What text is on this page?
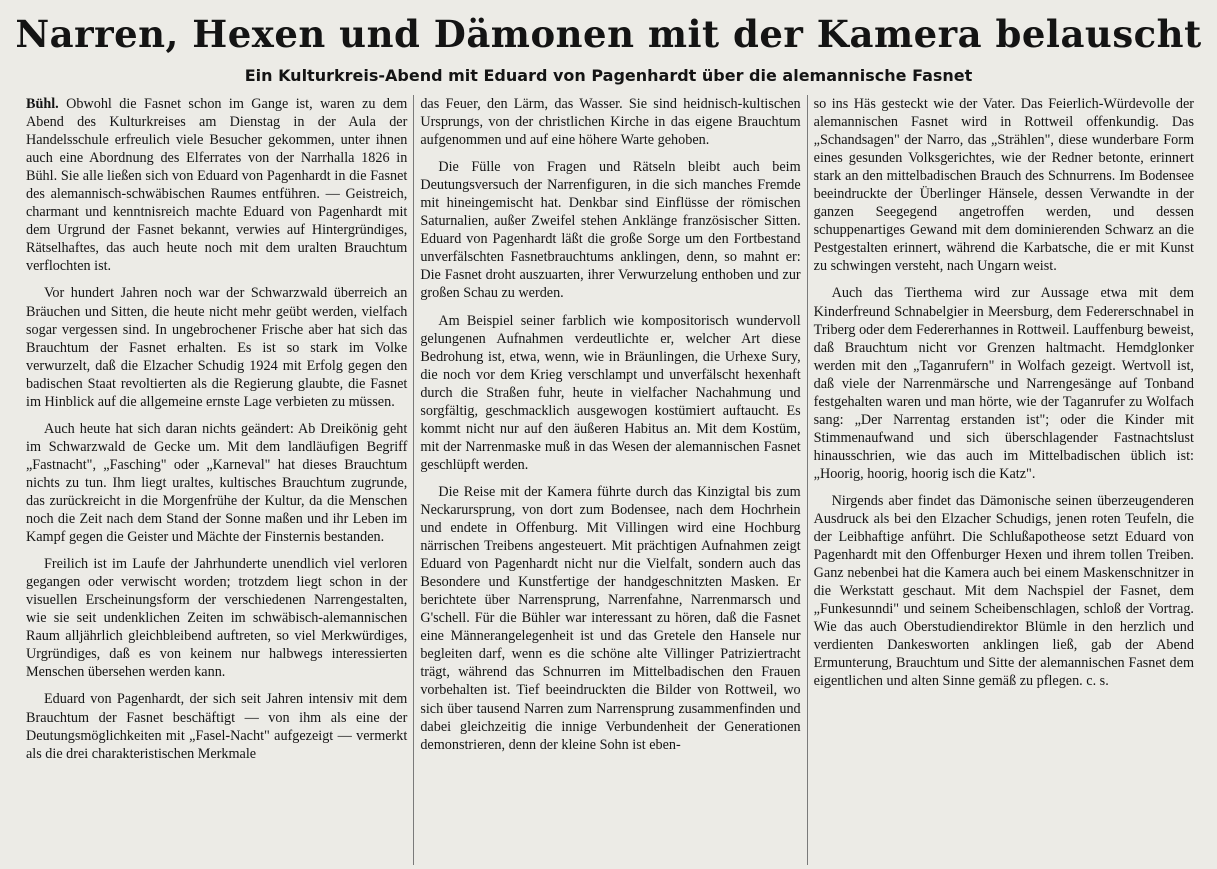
Narren, Hexen und Dämonen mit der Kamera belauscht
Ein Kulturkreis-Abend mit Eduard von Pagenhardt über die alemannische Fasnet

Bühl. Obwohl die Fasnet schon im Gange ist, waren zu dem Abend des Kulturkreises am Dienstag in der Aula der Handelsschule erfreulich viele Besucher gekommen, unter ihnen auch eine Abordnung des Elferrates von der Narrhalla 1826 in Bühl. Sie alle ließen sich von Eduard von Pagenhardt in die Fasnet des alemannisch-schwäbischen Raumes entführen. — Geistreich, charmant und kenntnisreich machte Eduard von Pagenhardt mit dem Urgrund der Fasnet bekannt, verwies auf Hintergründiges, Rätselhaftes, das auch heute noch mit dem uralten Brauchtum verflochten ist.

Vor hundert Jahren noch war der Schwarzwald überreich an Bräuchen und Sitten, die heute nicht mehr geübt werden, vielfach sogar vergessen sind. In ungebrochener Frische aber hat sich das Brauchtum der Fasnet erhalten. Es ist so stark im Volke verwurzelt, daß die Elzacher Schudig 1924 mit Erfolg gegen den badischen Staat revoltierten als die Regierung glaubte, die Fasnet im Hinblick auf die allgemeine ernste Lage verbieten zu müssen.

Auch heute hat sich daran nichts geändert: Ab Dreikönig geht im Schwarzwald de Gecke um. Mit dem landläufigen Begriff „Fastnacht", „Fasching" oder „Karneval" hat dieses Brauchtum nichts zu tun. Ihm liegt uraltes, kultisches Brauchtum zugrunde, das zurückreicht in die Morgenfrühe der Kultur, da die Menschen noch die Zeit nach dem Stand der Sonne maßen und ihr Leben im Kampf gegen die Geister und Mächte der Finsternis bestanden.

Freilich ist im Laufe der Jahrhunderte unendlich viel verloren gegangen oder verwischt worden; trotzdem liegt schon in der visuellen Erscheinungsform der verschiedenen Narrengestalten, wie sie seit undenklichen Zeiten im schwäbisch-alemannischen Raum alljährlich gleichbleibend auftreten, so viel Merkwürdiges, Urgründiges, daß es von keinem nur halbwegs interessierten Menschen übersehen werden kann.

Eduard von Pagenhardt, der sich seit Jahren intensiv mit dem Brauchtum der Fasnet beschäftigt — von ihm als eine der Deutungsmöglichkeiten mit „Fasel-Nacht" aufgezeigt — vermerkt als die drei charakteristischen Merkmale

das Feuer, den Lärm, das Wasser. Sie sind heidnisch-kultischen Ursprungs, von der christlichen Kirche in das eigene Brauchtum aufgenommen und auf eine höhere Warte gehoben.

Die Fülle von Fragen und Rätseln bleibt auch beim Deutungsversuch der Narrenfiguren, in die sich manches Fremde mit hineingemischt hat. Denkbar sind Einflüsse der römischen Saturnalien, außer Zweifel stehen Anklänge französischer Sitten. Eduard von Pagenhardt läßt die große Sorge um den Fortbestand unverfälschten Fasnetbrauchtums anklingen, denn, so mahnt er: Die Fasnet droht auszuarten, ihrer Verwurzelung enthoben und zur großen Schau zu werden.

Am Beispiel seiner farblich wie kompositorisch wundervoll gelungenen Aufnahmen verdeutlichte er, welcher Art diese Bedrohung ist, etwa, wenn, wie in Bräunlingen, die Urhexe Sury, die noch vor dem Krieg verschlampt und unverfälscht hexenhaft durch die Straßen fuhr, heute in vielfacher Nachahmung und sorgfältig, geschmacklich ausgewogen kostümiert auftaucht. Es kommt nicht nur auf den äußeren Habitus an. Mit dem Kostüm, mit der Narrenmaske muß in das Wesen der alemannischen Fasnet geschlüpft werden.

Die Reise mit der Kamera führte durch das Kinzigtal bis zum Neckarursprung, von dort zum Bodensee, nach dem Hochrhein und endete in Offenburg. Mit Villingen wird eine Hochburg närrischen Treibens angesteuert. Mit prächtigen Aufnahmen zeigt Eduard von Pagenhardt nicht nur die Vielfalt, sondern auch das Besondere und Kunstfertige der handgeschnitzten Masken. Er berichtete über Narrensprung, Narrenfahne, Narrenmarsch und G'schell. Für die Bühler war interessant zu hören, daß die Fasnet eine Männerangelegenheit ist und das Gretele den Hansele nur begleiten darf, wenn es die schöne alte Villinger Patriziertracht trägt, während das Schnurren im Mittelbadischen den Frauen vorbehalten ist. Tief beeindruckten die Bilder von Rottweil, wo sich über tausend Narren zum Narrensprung zusammenfinden und dabei gleichzeitig die innige Verbundenheit der Generationen demonstrieren, denn der kleine Sohn ist eben-

so ins Häs gesteckt wie der Vater. Das Feierlich-Würdevolle der alemannischen Fasnet wird in Rottweil offenkundig. Das „Schandsagen" der Narro, das „Strählen", diese wunderbare Form eines gesunden Volksgerichtes, wie der Redner betonte, erinnert stark an den mittelbadischen Brauch des Schnurrens. Im Bodensee beeindruckte der Überlinger Hänsele, dessen Verwandte in der ganzen Seegegend angetroffen werden, und dessen schuppenartiges Gewand mit dem dominierenden Schwarz an die Pestgestalten erinnert, während die Karbatsche, die er mit Kunst zu schwingen versteht, nach Ungarn weist.

Auch das Tierthema wird zur Aussage etwa mit dem Kinderfreund Schnabelgier in Meersburg, dem Federerschnabel in Triberg oder dem Federerhannes in Rottweil. Lauffenburg beweist, daß Brauchtum nicht vor Grenzen haltmacht. Hemdglonker werden mit den „Taganrufern" in Wolfach gezeigt. Wertvoll ist, daß viele der Narrenmärsche und Narrengesänge auf Tonband festgehalten waren und man hörte, wie der Taganrufer zu Wolfach sang: „Der Narrentag erstanden ist"; oder die Kinder mit Stimmenaufwand und sich überschlagender Fastnachtslust hinausschrien, wie das auch im Mittelbadischen üblich ist: „Hoorig, hoorig, hoorig isch die Katz".

Nirgends aber findet das Dämonische seinen überzeugenderen Ausdruck als bei den Elzacher Schudigs, jenen roten Teufeln, die der Leibhaftige anführt. Die Schlußapotheose setzt Eduard von Pagenhardt mit den Offenburger Hexen und ihrem tollen Treiben. Ganz nebenbei hat die Kamera auch bei einem Maskenschnitzer in die Werkstatt geschaut. Mit dem Nachspiel der Fasnet, dem „Funkesunndi" und seinem Scheibenschlagen, schloß der Vortrag. Wie das auch Oberstudiendirektor Blümle in den herzlich und verdienten Dankesworten anklingen ließ, gab der Abend Ermunterung, Brauchtum und Sitte der alemannischen Fasnet dem eigentlichen und alten Sinne gemäß zu pflegen. c. s.
